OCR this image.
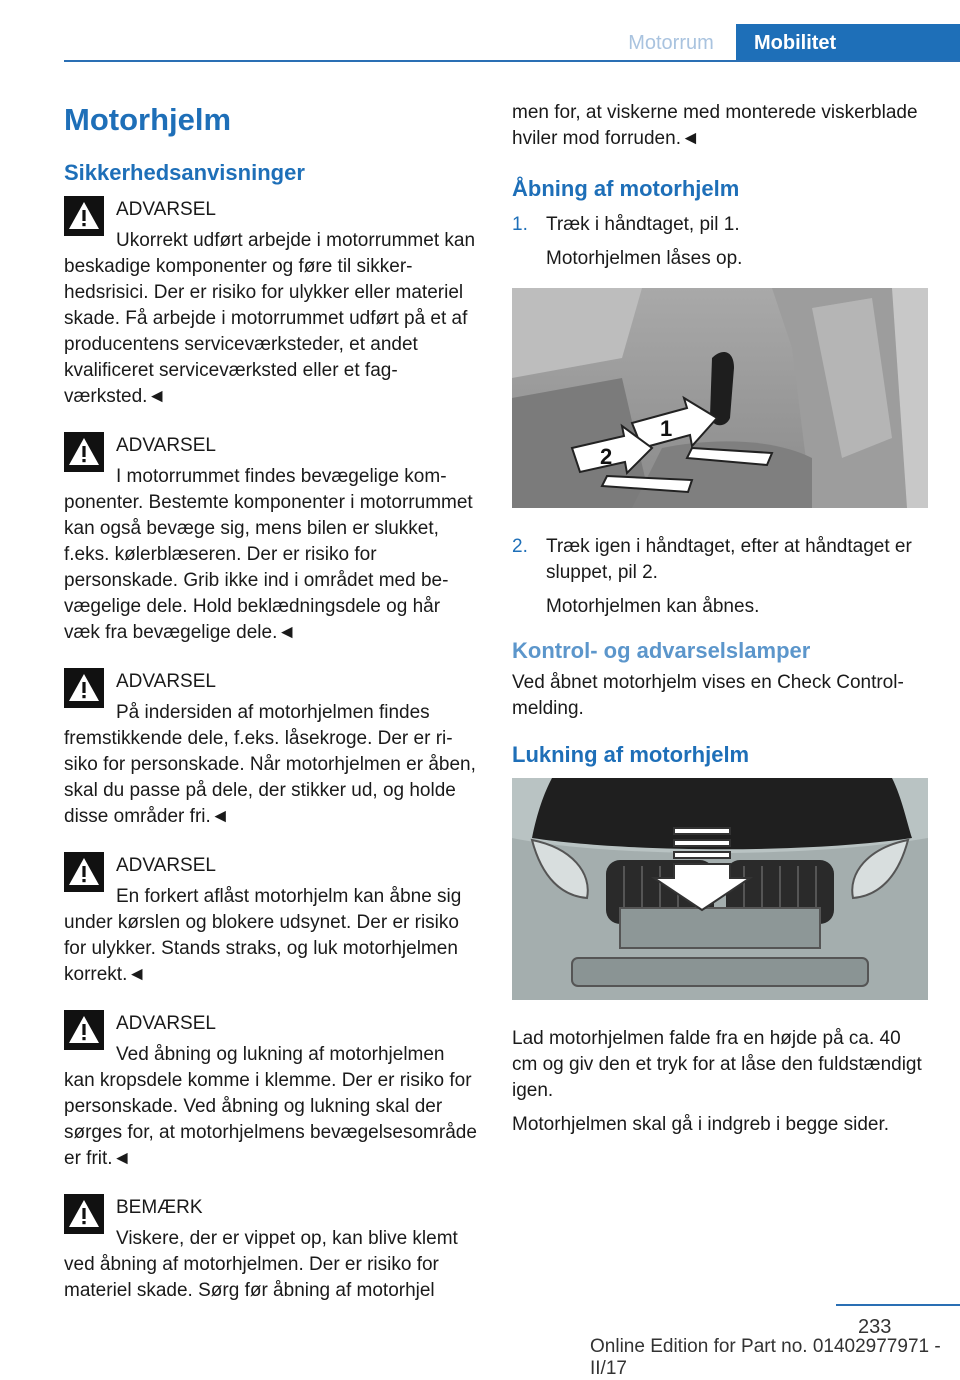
Motorrum	Mobilitet
Motorhjelm
Sikkerhedsanvisninger
ADVARSEL
Ukorrekt udført arbejde i motorrummet kan beskadige komponenter og føre til sikkerhedsrisici. Der er risiko for ulykker eller materiel skade. Få arbejde i motorrummet udført på et af producentens serviceværksteder, et andet kvalificeret serviceværksted eller et fagværksted.◄
ADVARSEL
I motorrummet findes bevægelige komponenter. Bestemte komponenter i motorrummet kan også bevæge sig, mens bilen er slukket, f.eks. kølerblæseren. Der er risiko for personskade. Grib ikke ind i området med bevægelige dele. Hold beklædningsdele og hår væk fra bevægelige dele.◄
ADVARSEL
På indersiden af motorhjelmen findes fremstikkende dele, f.eks. låsekroge. Der er risiko for personskade. Når motorhjelmen er åben, skal du passe på dele, der stikker ud, og holde disse områder fri.◄
ADVARSEL
En forkert aflåst motorhjelm kan åbne sig under kørslen og blokere udsynet. Der er risiko for ulykker. Stands straks, og luk motorhjelmen korrekt.◄
ADVARSEL
Ved åbning og lukning af motorhjelmen kan kropsdele komme i klemme. Der er risiko for personskade. Ved åbning og lukning skal der sørges for, at motorhjelmens bevægelsesområde er frit.◄
BEMÆRK
Viskere, der er vippet op, kan blive klemt ved åbning af motorhjelmen. Der er risiko for materiel skade. Sørg før åbning af motorhjel

men for, at viskerne med monterede viskerblade hviler mod forruden.◄

Åbning af motorhjelm
1. Træk i håndtaget, pil 1.
Motorhjelmen låses op.
1
2
2. Træk igen i håndtaget, efter at håndtaget er sluppet, pil 2.
Motorhjelmen kan åbnes.
Kontrol- og advarselslamper

Ved åbnet motorhjelm vises en Check Control-melding.

Lukning af motorhjelm

Lad motorhjelmen falde fra en højde på ca. 40 cm og giv den et tryk for at låse den fuldstændigt igen.

Motorhjelmen skal gå i indgreb i begge sider.

233
Online Edition for Part no. 01402977971 - II/17
